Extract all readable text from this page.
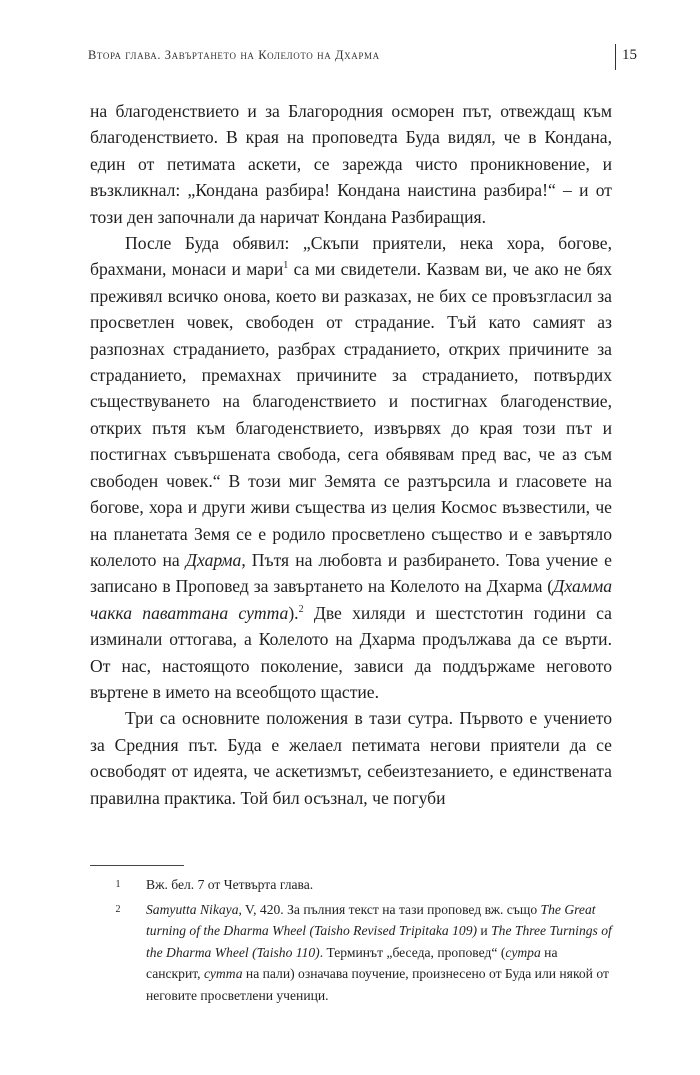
Втора глава. Завъртането на Колелото на Дхарма	15

на благоденствието и за Благородния осморен път, отвеждащ към благоденствието. В края на проповедта Буда видял, че в Кондана, един от петимата аскети, се зарежда чисто проникновение, и възкликнал: „Кондана разбира! Кондана наистина разбира!“ – и от този ден започнали да наричат Кондана Разбиращия.

После Буда обявил: „Скъпи приятели, нека хора, богове, брахмани, монаси и мари$^1$ са ми свидетели. Казвам ви, че ако не бях преживял всичко онова, което ви разказах, не бих се провъзгласил за просветлен човек, свободен от страдание. Тъй като самият аз разпознах страданието, разбрах страданието, открих причините за страданието, премахнах причините за страданието, потвърдих съществуването на благоденствието и постигнах благоденствие, открих пътя към благоденствието, извървях до края този път и постигнах съвършената свобода, сега обявявам пред вас, че аз съм свободен човек.“ В този миг Земята се разтърсила и гласовете на богове, хора и други живи същества из целия Космос възвестили, че на планетата Земя се е родило просветлено същество и е завъртяло колелото на Дхарма, Пътя на любовта и разбирането. Това учение е записано в Проповед за завъртането на Колелото на Дхарма (Дхамма чакка паваттана сутта).$^2$ Две хиляди и шестстотин години са изминали оттогава, а Колелото на Дхарма продължава да се върти. От нас, настоящото поколение, зависи да поддържаме неговото въртене в името на всеобщото щастие.

Три са основните положения в тази сутра. Първото е учението за Средния път. Буда е желаел петимата негови приятели да се освободят от идеята, че аскетизмът, себеизтезанието, е единствената правилна практика. Той бил осъзнал, че погуби

1	Вж. бел. 7 от Четвърта глава.
2	Samyutta Nikaya, V, 420. За пълния текст на тази проповед вж. също The Great turning of the Dharma Wheel (Taisho Revised Tripitaka 109) и The Three Turnings of the Dharma Wheel (Taisho 110). Терминът „беседа, проповед“ (сутра на санскрит, сутта на пали) означава поучение, произнесено от Буда или някой от неговите просветлени ученици.
